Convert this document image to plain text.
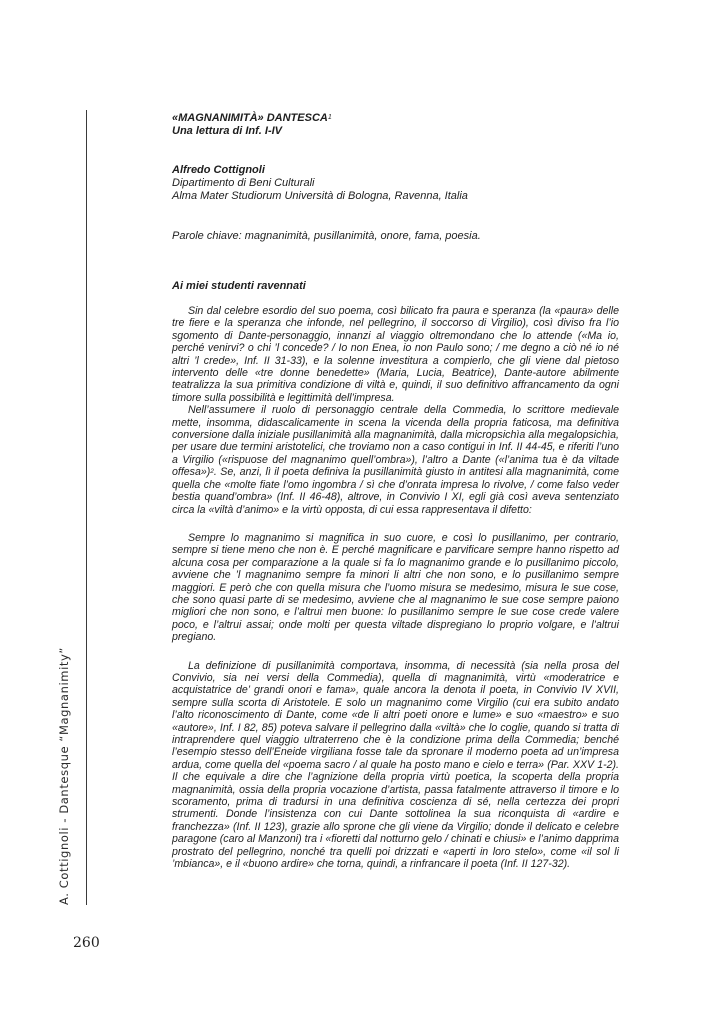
A. Cottignoli - Dantesque “Magnanimity”
260
«MAGNANIMITÀ» DANTESCA$^1$
Una lettura di Inf. I-IV
Alfredo Cottignoli
Dipartimento di Beni Culturali
Alma Mater Studiorum Università di Bologna, Ravenna, Italia
Parole chiave: magnanimità, pusillanimità, onore, fama, poesia.
Ai miei studenti ravennati

Sin dal celebre esordio del suo poema, così bilicato fra paura e speranza (la «paura» delle tre fiere e la speranza che infonde, nel pellegrino, il soccorso di Virgilio), così diviso fra l’io sgomento di Dante-personaggio, innanzi al viaggio oltremondano che lo attende («Ma io, perché venirvi? o chi ’l concede? / Io non Enea, io non Paulo sono; / me degno a ciò né io né altri ’l crede», Inf. II 31-33), e la solenne investitura a compierlo, che gli viene dal pietoso intervento delle «tre donne benedette» (Maria, Lucia, Beatrice), Dante-autore abilmente teatralizza la sua primitiva condizione di viltà e, quindi, il suo definitivo affrancamento da ogni timore sulla possibilità e legittimità dell’impresa.

Nell’assumere il ruolo di personaggio centrale della Commedia, lo scrittore medievale mette, insomma, didascalicamente in scena la vicenda della propria faticosa, ma definitiva conversione dalla iniziale pusillanimità alla magnanimità, dalla micropsichìa alla megalopsichìa, per usare due termini aristotelici, che troviamo non a caso contigui in Inf. II 44-45, e riferiti l’uno a Virgilio («rispuose del magnanimo quell’ombra»), l’altro a Dante («l’anima tua è da viltade offesa»)$^2$. Se, anzi, lì il poeta definiva la pusillanimità giusto in antitesi alla magnanimità, come quella che «molte fiate l’omo ingombra / sì che d’onrata impresa lo rivolve, / come falso veder bestia quand’ombra» (Inf. II 46-48), altrove, in Convivio I XI, egli già così aveva sentenziato circa la «viltà d’animo» e la virtù opposta, di cui essa rappresentava il difetto:

Sempre lo magnanimo si magnifica in suo cuore, e così lo pusillanimo, per contrario, sempre si tiene meno che non è. E perché magnificare e parvificare sempre hanno rispetto ad alcuna cosa per comparazione a la quale si fa lo magnanimo grande e lo pusillanimo piccolo, avviene che ’l magnanimo sempre fa minori li altri che non sono, e lo pusillanimo sempre maggiori. E però che con quella misura che l’uomo misura se medesimo, misura le sue cose, che sono quasi parte di se medesimo, avviene che al magnanimo le sue cose sempre paiono migliori che non sono, e l’altrui men buone: lo pusillanimo sempre le sue cose crede valere poco, e l’altrui assai; onde molti per questa viltade dispregiano lo proprio volgare, e l’altrui pregiano.

La definizione di pusillanimità comportava, insomma, di necessità (sia nella prosa del Convivio, sia nei versi della Commedia), quella di magnanimità, virtù «moderatrice e acquistatrice de’ grandi onori e fama», quale ancora la denota il poeta, in Convivio IV XVII, sempre sulla scorta di Aristotele. E solo un magnanimo come Virgilio (cui era subito andato l’alto riconoscimento di Dante, come «de li altri poeti onore e lume» e suo «maestro» e suo «autore», Inf. I 82, 85) poteva salvare il pellegrino dalla «viltà» che lo coglie, quando si tratta di intraprendere quel viaggio ultraterreno che è la condizione prima della Commedia; benché l’esempio stesso dell’Eneide virgiliana fosse tale da spronare il moderno poeta ad un’impresa ardua, come quella del «poema sacro / al quale ha posto mano e cielo e terra» (Par. XXV 1-2). Il che equivale a dire che l’agnizione della propria virtù poetica, la scoperta della propria magnanimità, ossia della propria vocazione d’artista, passa fatalmente attraverso il timore e lo scoramento, prima di tradursi in una definitiva coscienza di sé, nella certezza dei propri strumenti. Donde l’insistenza con cui Dante sottolinea la sua riconquista di «ardire e franchezza» (Inf. II 123), grazie allo sprone che gli viene da Virgilio; donde il delicato e celebre paragone (caro al Manzoni) tra i «fioretti dal notturno gelo / chinati e chiusi» e l’animo dapprima prostrato del pellegrino, nonché tra quelli poi drizzati e «aperti in loro stelo», come «il sol li ’mbianca», e il «buono ardire» che torna, quindi, a rinfrancare il poeta (Inf. II 127-32).
